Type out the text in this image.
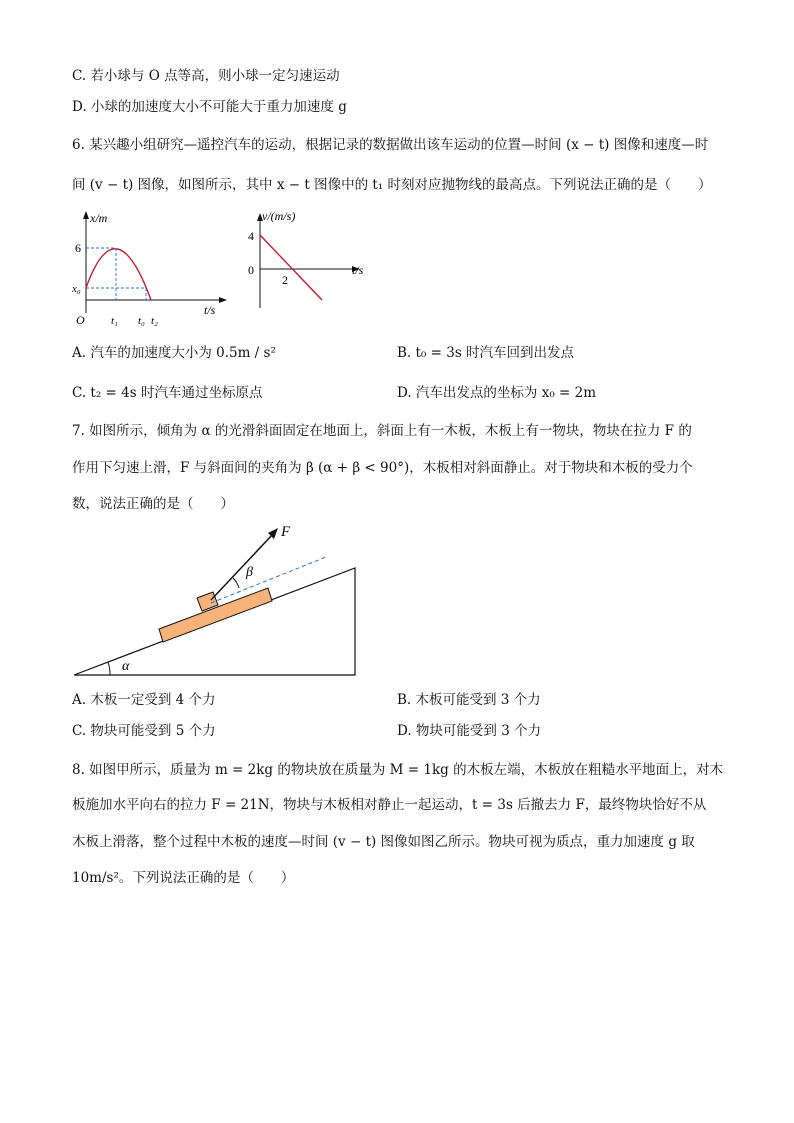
C. 若小球与 O 点等高，则小球一定匀速运动
D. 小球的加速度大小不可能大于重力加速度 g
6. 某兴趣小组研究—遥控汽车的运动，根据记录的数据做出该车运动的位置—时间 (x − t) 图像和速度—时
间 (v − t) 图像，如图所示，其中 x − t 图像中的 t₁ 时刻对应抛物线的最高点。下列说法正确的是（　　）
x/m
6
x₀
O t₁ t₀ t₂
t/s
v/(m/s)
4
0
2
t/s
A. 汽车的加速度大小为 0.5m / s²	B. t₀ = 3s 时汽车回到出发点
C. t₂ = 4s 时汽车通过坐标原点	D. 汽车出发点的坐标为 x₀ = 2m
7. 如图所示，倾角为 α 的光滑斜面固定在地面上，斜面上有一木板，木板上有一物块，物块在拉力 F 的
作用下匀速上滑，F 与斜面间的夹角为 β (α + β < 90°)，木板相对斜面静止。对于物块和木板的受力个
数，说法正确的是（　　）
α
F
β
A. 木板一定受到 4 个力	B. 木板可能受到 3 个力
C. 物块可能受到 5 个力	D. 物块可能受到 3 个力
8. 如图甲所示，质量为 m = 2kg 的物块放在质量为 M = 1kg 的木板左端，木板放在粗糙水平地面上，对木
板施加水平向右的拉力 F = 21N，物块与木板相对静止一起运动，t = 3s 后撤去力 F，最终物块恰好不从
木板上滑落，整个过程中木板的速度—时间 (v − t) 图像如图乙所示。物块可视为质点，重力加速度 g 取
10m/s²。下列说法正确的是（　　）
